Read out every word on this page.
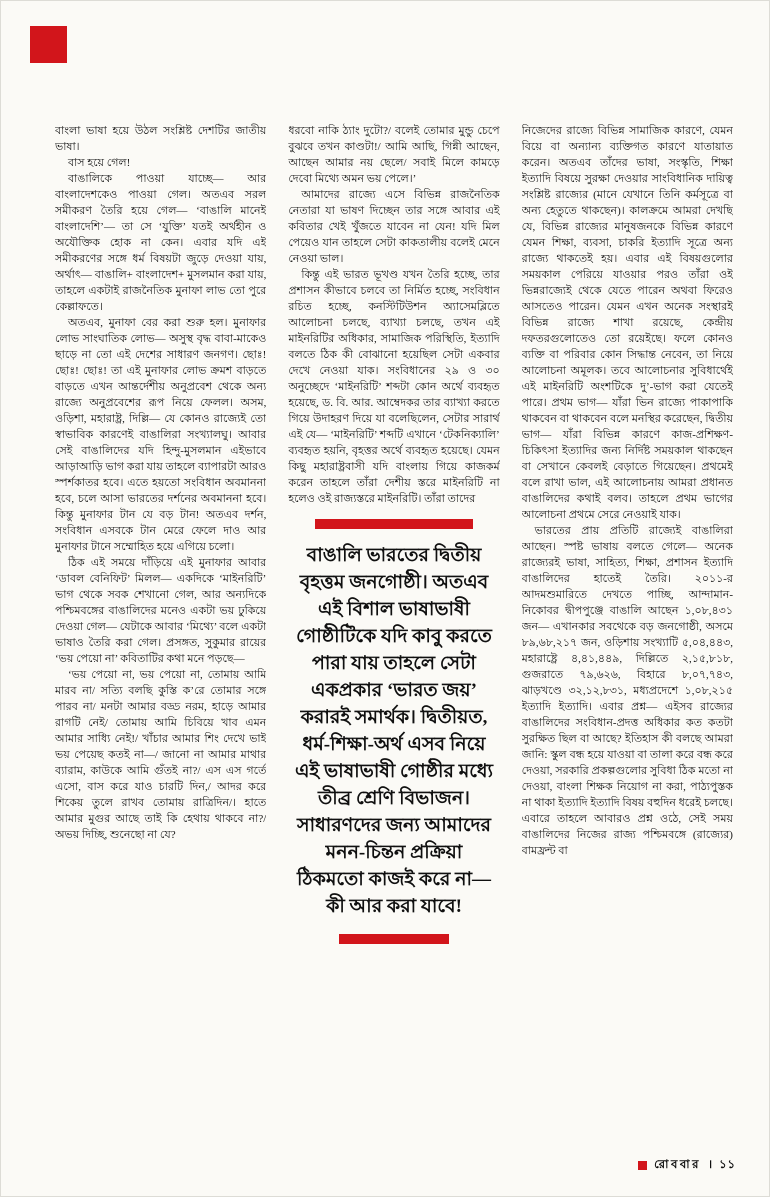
বাংলা ভাষা হয়ে উঠল সংশ্লিষ্ট দেশটির জাতীয় ভাষা।

বাস হয়ে গেল!

বাঙালিকে পাওয়া যাচ্ছে— আর বাংলাদেশকেও পাওয়া গেল। অতএব সরল সমীকরণ তৈরি হয়ে গেল— ‘বাঙালি মানেই বাংলাদেশি’— তা সে ‘যুক্তি’ যতই অর্থহীন ও অযৌক্তিক হোক না কেন। এবার যদি এই সমীকরণের সঙ্গে ধর্ম বিষয়টা জুড়ে দেওয়া যায়, অর্থাৎ— বাঙালি+ বাংলাদেশ+ মুসলমান করা যায়, তাহলে একটাই রাজনৈতিক মুনাফা লাভ তো পুরে কেল্লাফতে।

অতএব, মুনাফা বের করা শুরু হল। মুনাফার লোভ সাংঘাতিক লোভ— অসুস্থ বৃদ্ধ বাবা-মাকেও ছাড়ে না তো এই দেশের সাধারণ জনগণ। ছোঃ! ছোঃ! ছোঃ! তা এই মুনাফার লোভ ক্রমশ বাড়তে বাড়তে এখন আন্তর্দেশীয় অনুপ্রবেশ থেকে অন্য রাজ্যে অনুপ্রবেশের রূপ নিয়ে ফেলল। অসম, ওড়িশা, মহারাষ্ট্র, দিল্লি— যে কোনও রাজ্যেই তো স্বাভাবিক কারণেই বাঙালিরা সংখ্যালঘু। আবার সেই বাঙালিদের যদি হিন্দু-মুসলমান এইভাবে আড়াআড়ি ভাগ করা যায় তাহলে ব্যাপারটা আরও স্পর্শকাতর হবে। এতে হয়তো সংবিধান অবমাননা হবে, চলে আসা ভারতের দর্শনের অবমাননা হবে। কিন্তু মুনাফার টান যে বড় টান! অতএব দর্শন, সংবিধান এসবকে টান মেরে ফেলে দাও আর মুনাফার টানে সম্মোহিত হয়ে এগিয়ে চলো।

ঠিক এই সময়ে দাঁড়িয়ে এই মুনাফার আবার ‘ডাবল বেনিফিট’ মিলল— একদিকে ‘মাইনরিটি’ ভাগ থেকে সবক শেখানো গেল, আর অন্যদিকে পশ্চিমবঙ্গের বাঙালিদের মনেও একটা ভয় ঢুকিয়ে দেওয়া গেল— যেটাকে আবার ‘মিথ্যে’ বলে একটা ভাষাও তৈরি করা গেল। প্রসঙ্গত, সুকুমার রায়ের ‘ভয় পেয়ো না’ কবিতাটির কথা মনে পড়ছে—

‘ভয় পেয়ো না, ভয় পেয়ো না, তোমায় আমি মারব না/ সত্যি বলছি কুস্তি ক’রে তোমার সঙ্গে পারব না/ মনটা আমার বড্ড নরম, হাড়ে আমার রাগটি নেই/ তোমায় আমি চিবিয়ে খাব এমন আমার সাধ্যি নেই!/ খাঁচার আমার শিং দেখে ভাই ভয় পেয়েছ কতই না—/ জানো না আমার মাথার ব্যারাম, কাউকে আমি গুঁতই না?/ এস এস গর্তে এসো, বাস করে যাও চারটি দিন,/ আদর করে শিকেয় তুলে রাখব তোমায় রাত্রিদিন/। হাতে আমার মুগুর আছে তাই কি হেথায় থাকবে না?/ অভয় দিচ্ছি, শুনেছো না যে?

ধরবো নাকি ঠ্যাং দুটো?/ বলেই তোমার মুন্ডু চেপে বুঝবে তখন কাণ্ডটা!/ আমি আছি, গিন্নী আছেন, আছেন আমার নয় ছেলে/ সবাই মিলে কামড়ে দেবো মিথ্যে অমন ভয় পেলে।’

আমাদের রাজ্যে এসে বিভিন্ন রাজনৈতিক নেতারা যা ভাষণ দিচ্ছেন তার সঙ্গে আবার এই কবিতার খেই খুঁজতে যাবেন না যেন! যদি মিল পেয়েও যান তাহলে সেটা কাকতালীয় বলেই মেনে নেওয়া ভাল।

কিন্তু এই ভারত ভূখণ্ড যখন তৈরি হচ্ছে, তার প্রশাসন কীভাবে চলবে তা নির্মিত হচ্ছে, সংবিধান রচিত হচ্ছে, কনস্টিটিউশন অ্যাসেমব্লিতে আলোচনা চলছে, ব্যাখ্যা চলছে, তখন এই মাইনরিটির অধিকার, সামাজিক পরিস্থিতি, ইত্যাদি বলতে ঠিক কী বোঝানো হয়েছিল সেটা একবার দেখে নেওয়া যাক। সংবিধানের ২৯ ও ৩০ অনুচ্ছেদে ‘মাইনরিটি’ শব্দটা কোন অর্থে ব্যবহৃত হয়েছে, ড. বি. আর. আম্বেদকর তার ব্যাখ্যা করতে গিয়ে উদাহরণ দিয়ে যা বলেছিলেন, সেটার সারার্থ এই যে— ‘মাইনরিটি’ শব্দটি এখানে ‘টেকনিক্যালি’ ব্যবহৃত হয়নি, বৃহত্তর অর্থে ব্যবহৃত হয়েছে। যেমন কিছু মহারাষ্ট্রবাসী যদি বাংলায় গিয়ে কাজকর্ম করেন তাহলে তাঁরা দেশীয় স্তরে মাইনরিটি না হলেও ওই রাজ্যস্তরে মাইনরিটি। তাঁরা তাদের

বাঙালি ভারতের দ্বিতীয় বৃহত্তম জনগোষ্ঠী। অতএব এই বিশাল ভাষাভাষী গোষ্ঠীটিকে যদি কাবু করতে পারা যায় তাহলে সেটা একপ্রকার ‘ভারত জয়’ করারই সমার্থক। দ্বিতীয়ত, ধর্ম-শিক্ষা-অর্থ এসব নিয়ে এই ভাষাভাষী গোষ্ঠীর মধ্যে তীব্র শ্রেণি বিভাজন। সাধারণদের জন্য আমাদের মনন-চিন্তন প্রক্রিয়া ঠিকমতো কাজই করে না— কী আর করা যাবে!

নিজেদের রাজ্যে বিভিন্ন সামাজিক কারণে, যেমন বিয়ে বা অন্যান্য ব্যক্তিগত কারণে যাতায়াত করেন। অতএব তাঁদের ভাষা, সংস্কৃতি, শিক্ষা ইত্যাদি বিষয়ে সুরক্ষা দেওয়ার সাংবিধানিক দায়িত্ব সংশ্লিষ্ট রাজ্যের (মানে যেখানে তিনি কর্মসূত্রে বা অন্য হেতুতে থাকছেন)। কালক্রমে আমরা দেখছি যে, বিভিন্ন রাজ্যের মানুষজনকে বিভিন্ন কারণে যেমন শিক্ষা, ব্যবসা, চাকরি ইত্যাদি সূত্রে অন্য রাজ্যে থাকতেই হয়। এবার এই বিষয়গুলোর সময়কাল পেরিয়ে যাওয়ার পরও তাঁরা ওই ভিন্নরাজ্যেই থেকে যেতে পারেন অথবা ফিরেও আসতেও পারেন। যেমন এখন অনেক সংস্থারই বিভিন্ন রাজ্যে শাখা রয়েছে, কেন্দ্রীয় দফতরগুলোতেও তো রয়েইছে। ফলে কোনও ব্যক্তি বা পরিবার কোন সিদ্ধান্ত নেবেন, তা নিয়ে আলোচনা অমূলক। তবে আলোচনার সুবিধার্থেই এই মাইনরিটি অংশটিকে দু’-ভাগ করা যেতেই পারে। প্রথম ভাগ— যাঁরা ভিন রাজ্যে পাকাপাকি থাকবেন বা থাকবেন বলে মনস্থির করেছেন, দ্বিতীয় ভাগ— যাঁরা বিভিন্ন কারণে কাজ-প্রশিক্ষণ-চিকিৎসা ইত্যাদির জন্য নির্দিষ্ট সময়কাল থাকছেন বা সেখানে কেবলই বেড়াতে গিয়েছেন। প্রথমেই বলে রাখা ভাল, এই আলোচনায় আমরা প্রধানত বাঙালিদের কথাই বলব। তাহলে প্রথম ভাগের আলোচনা প্রথমে সেরে নেওয়াই যাক।

ভারতের প্রায় প্রতিটি রাজ্যেই বাঙালিরা আছেন। স্পষ্ট ভাষায় বলতে গেলে— অনেক রাজ্যেরই ভাষা, সাহিত্য, শিক্ষা, প্রশাসন ইত্যাদি বাঙালিদের হাতেই তৈরি। ২০১১-র আদমশুমারিতে দেখতে পাচ্ছি, আন্দামান-নিকোবর দ্বীপপুঞ্জে বাঙালি আছেন ১,০৮,৪৩১ জন— এখানকার সবথেকে বড় জনগোষ্ঠী, অসমে ৮৯,৬৮,২১৭ জন, ওড়িশায় সংখ্যাটি ৫,০৪,৪৪৩, মহারাষ্ট্রে ৪,৪১,৪৪৯, দিল্লিতে ২,১৫,৮১৮, গুজরাতে ৭৯,৬২৬, বিহারে ৮,০৭,৭৪৩, ঝাড়খণ্ডে ৩২,১২,৮৩১, মধ্যপ্রদেশে ১,০৮,২১৫ ইত্যাদি ইত্যাদি। এবার প্রশ্ন— এইসব রাজ্যের বাঙালিদের সংবিধান-প্রদত্ত অধিকার কত কতটা সুরক্ষিত ছিল বা আছে? ইতিহাস কী বলছে আমরা জানি: স্কুল বন্ধ হয়ে যাওয়া বা তালা করে বন্ধ করে দেওয়া, সরকারি প্রকল্পগুলোর সুবিধা ঠিক মতো না দেওয়া, বাংলা শিক্ষক নিয়োগ না করা, পাঠ্যপুস্তক না থাকা ইত্যাদি ইত্যাদি বিষয় বহুদিন ধরেই চলছে। এবারে তাহলে আবারও প্রশ্ন ওঠে, সেই সময় বাঙালিদের নিজের রাজ্য পশ্চিমবঙ্গে (রাজ্যের) বামফ্রন্ট বা

রোববার । ১১
